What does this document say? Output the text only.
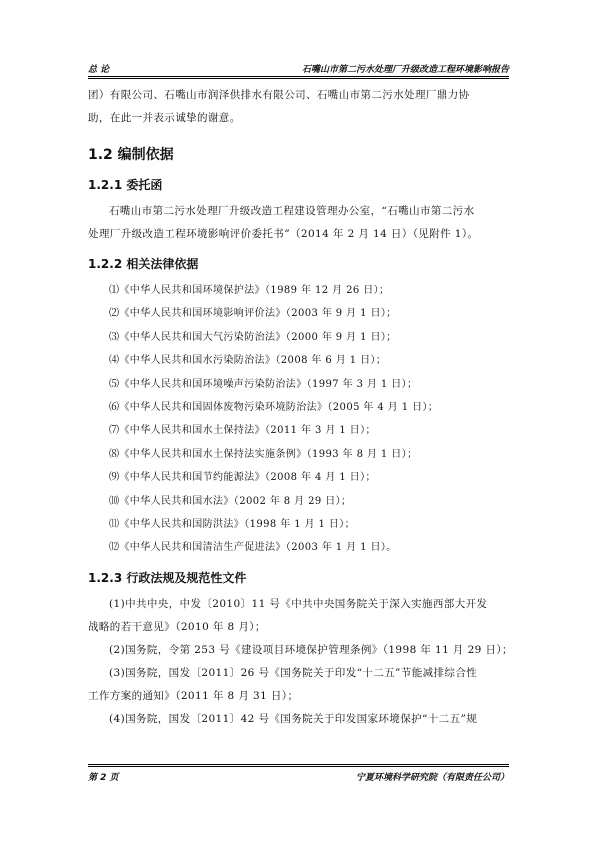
总 论	石嘴山市第二污水处理厂升级改造工程环境影响报告

团）有限公司、石嘴山市润泽供排水有限公司、石嘴山市第二污水处理厂鼎力协

助，在此一并表示诚挚的谢意。

1.2 编制依据
1.2.1 委托函

石嘴山市第二污水处理厂升级改造工程建设管理办公室，“石嘴山市第二污水

处理厂升级改造工程环境影响评价委托书”（2014 年 2 月 14 日）（见附件 1）。

1.2.2 相关法律依据

⑴《中华人民共和国环境保护法》（1989 年 12 月 26 日）；

⑵《中华人民共和国环境影响评价法》（2003 年 9 月 1 日）；

⑶《中华人民共和国大气污染防治法》（2000 年 9 月 1 日）；

⑷《中华人民共和国水污染防治法》（2008 年 6 月 1 日）；

⑸《中华人民共和国环境噪声污染防治法》（1997 年 3 月 1 日）；

⑹《中华人民共和国固体废物污染环境防治法》（2005 年 4 月 1 日）；

⑺《中华人民共和国水土保持法》（2011 年 3 月 1 日）；

⑻《中华人民共和国水土保持法实施条例》（1993 年 8 月 1 日）；

⑼《中华人民共和国节约能源法》（2008 年 4 月 1 日）；

⑽《中华人民共和国水法》（2002 年 8 月 29 日）；

⑾《中华人民共和国防洪法》（1998 年 1 月 1 日）；

⑿《中华人民共和国清洁生产促进法》（2003 年 1 月 1 日）。

1.2.3 行政法规及规范性文件

(1)中共中央，中发〔2010〕11 号《中共中央国务院关于深入实施西部大开发

战略的若干意见》（2010 年 8 月）；

(2)国务院，令第 253 号《建设项目环境保护管理条例》（1998 年 11 月 29 日）；

(3)国务院，国发〔2011〕26 号《国务院关于印发“十二五”节能减排综合性

工作方案的通知》（2011 年 8 月 31 日）；

(4)国务院，国发〔2011〕42 号《国务院关于印发国家环境保护“十二五”规

第 2 页	宁夏环境科学研究院（有限责任公司）
